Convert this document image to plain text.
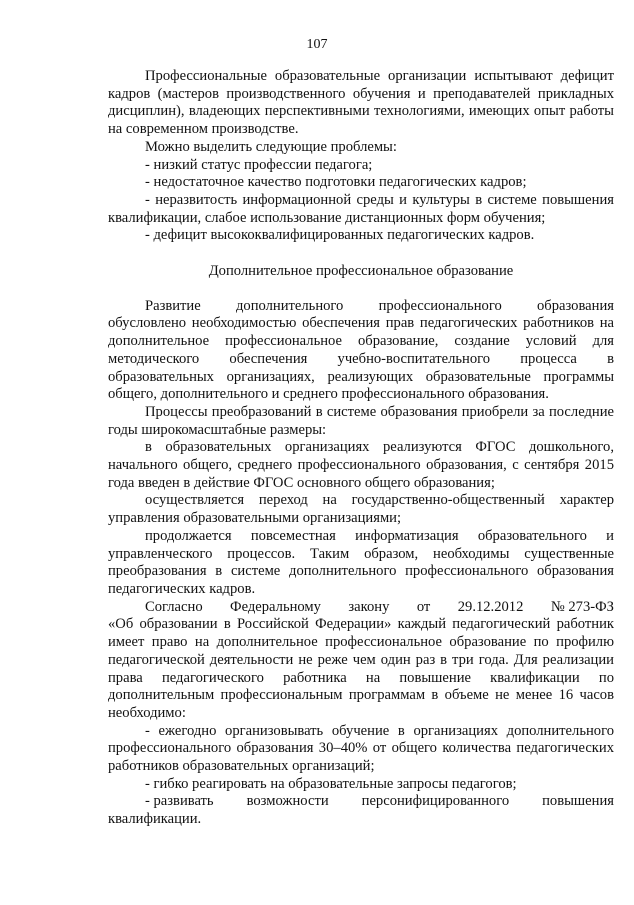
107

Профессиональные образовательные организации испытывают дефицит кадров (мастеров производственного обучения и преподавателей прикладных дисциплин), владеющих перспективными технологиями, имеющих опыт работы на современном производстве.

Можно выделить следующие проблемы:

- низкий статус профессии педагога;

- недостаточное качество подготовки педагогических кадров;

- неразвитость информационной среды и культуры в системе повышения квалификации, слабое использование дистанционных форм обучения;

- дефицит высококвалифицированных педагогических кадров.

Дополнительное профессиональное образование

Развитие дополнительного профессионального образования

обусловлено необходимостью обеспечения прав педагогических работников на дополнительное профессиональное образование, создание условий для методического обеспечения учебно-воспитательного процесса в образовательных организациях, реализующих образовательные программы общего, дополнительного и среднего профессионального образования.

Процессы преобразований в системе образования приобрели за последние годы широкомасштабные размеры:

в образовательных организациях реализуются ФГОС дошкольного, начального общего, среднего профессионального образования, с сентября 2015 года введен в действие ФГОС основного общего образования;

осуществляется переход на государственно-общественный характер управления образовательными организациями;

продолжается повсеместная информатизация образовательного и управленческого процессов. Таким образом, необходимы существенные преобразования в системе дополнительного профессионального образования педагогических кадров.

Согласно Федеральному закону от 29.12.2012 № 273-ФЗ

«Об образовании в Российской Федерации» каждый педагогический работник имеет право на дополнительное профессиональное образование по профилю педагогической деятельности не реже чем один раз в три года. Для реализации права педагогического работника на повышение квалификации по дополнительным профессиональным программам в объеме не менее 16 часов необходимо:

- ежегодно организовывать обучение в организациях дополнительного профессионального образования 30–40% от общего количества педагогических работников образовательных организаций;

- гибко реагировать на образовательные запросы педагогов;

- развивать возможности персонифицированного повышения

квалификации.
